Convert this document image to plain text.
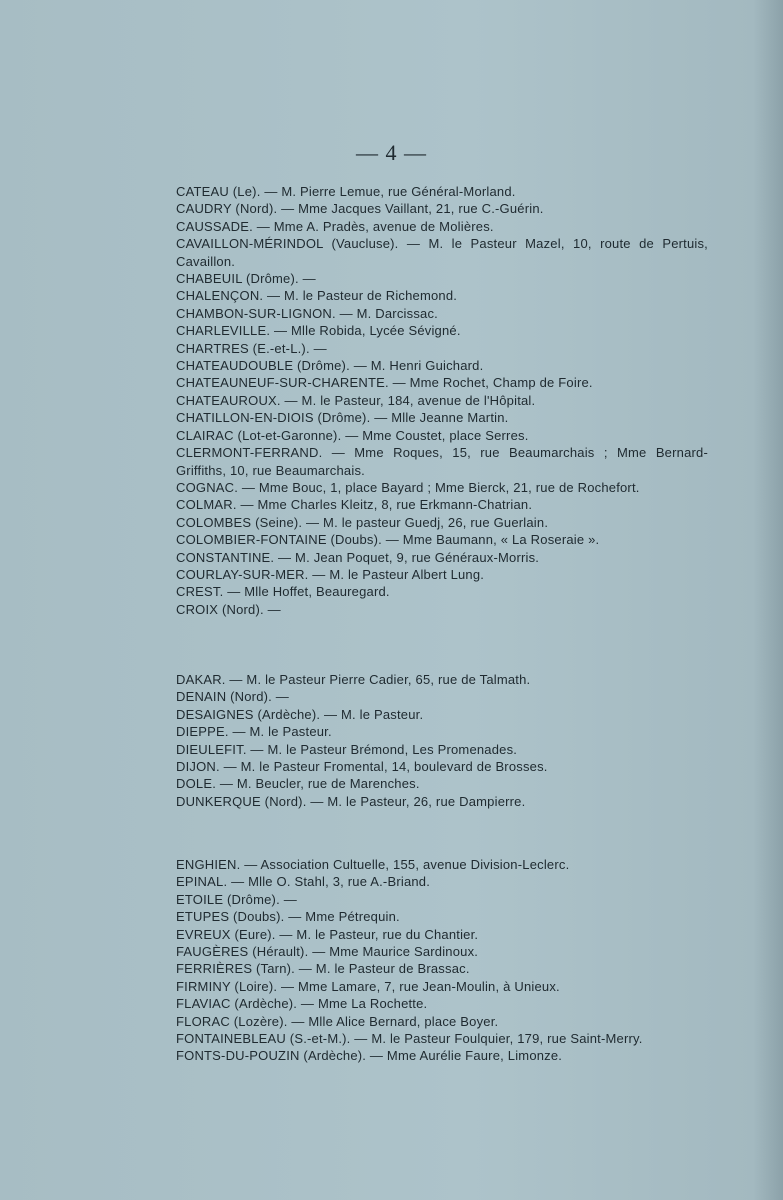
— 4 —
CATEAU (Le). — M. Pierre Lemue, rue Général-Morland.
CAUDRY (Nord). — Mme Jacques Vaillant, 21, rue C.-Guérin.
CAUSSADE. — Mme A. Pradès, avenue de Molières.
CAVAILLON-MÉRINDOL (Vaucluse). — M. le Pasteur Mazel, 10, route de Pertuis, Cavaillon.
CHABEUIL (Drôme). —
CHALENÇON. — M. le Pasteur de Richemond.
CHAMBON-SUR-LIGNON. — M. Darcissac.
CHARLEVILLE. — Mlle Robida, Lycée Sévigné.
CHARTRES (E.-et-L.). —
CHATEAUDOUBLE (Drôme). — M. Henri Guichard.
CHATEAUNEUF-SUR-CHARENTE. — Mme Rochet, Champ de Foire.
CHATEAUROUX. — M. le Pasteur, 184, avenue de l'Hôpital.
CHATILLON-EN-DIOIS (Drôme). — Mlle Jeanne Martin.
CLAIRAC (Lot-et-Garonne). — Mme Coustet, place Serres.
CLERMONT-FERRAND. — Mme Roques, 15, rue Beaumarchais ; Mme Bernard-Griffiths, 10, rue Beaumarchais.
COGNAC. — Mme Bouc, 1, place Bayard ; Mme Bierck, 21, rue de Rochefort.
COLMAR. — Mme Charles Kleitz, 8, rue Erkmann-Chatrian.
COLOMBES (Seine). — M. le pasteur Guedj, 26, rue Guerlain.
COLOMBIER-FONTAINE (Doubs). — Mme Baumann, « La Roseraie ».
CONSTANTINE. — M. Jean Poquet, 9, rue Généraux-Morris.
COURLAY-SUR-MER. — M. le Pasteur Albert Lung.
CREST. — Mlle Hoffet, Beauregard.
CROIX (Nord). —
DAKAR. — M. le Pasteur Pierre Cadier, 65, rue de Talmath.
DENAIN (Nord). —
DESAIGNES (Ardèche). — M. le Pasteur.
DIEPPE. — M. le Pasteur.
DIEULEFIT. — M. le Pasteur Brémond, Les Promenades.
DIJON. — M. le Pasteur Fromental, 14, boulevard de Brosses.
DOLE. — M. Beucler, rue de Marenches.
DUNKERQUE (Nord). — M. le Pasteur, 26, rue Dampierre.
ENGHIEN. — Association Cultuelle, 155, avenue Division-Leclerc.
EPINAL. — Mlle O. Stahl, 3, rue A.-Briand.
ETOILE (Drôme). —
ETUPES (Doubs). — Mme Pétrequin.
EVREUX (Eure). — M. le Pasteur, rue du Chantier.
FAUGÈRES (Hérault). — Mme Maurice Sardinoux.
FERRIÈRES (Tarn). — M. le Pasteur de Brassac.
FIRMINY (Loire). — Mme Lamare, 7, rue Jean-Moulin, à Unieux.
FLAVIAC (Ardèche). — Mme La Rochette.
FLORAC (Lozère). — Mlle Alice Bernard, place Boyer.
FONTAINEBLEAU (S.-et-M.). — M. le Pasteur Foulquier, 179, rue Saint-Merry.
FONTS-DU-POUZIN (Ardèche). — Mme Aurélie Faure, Limonze.
